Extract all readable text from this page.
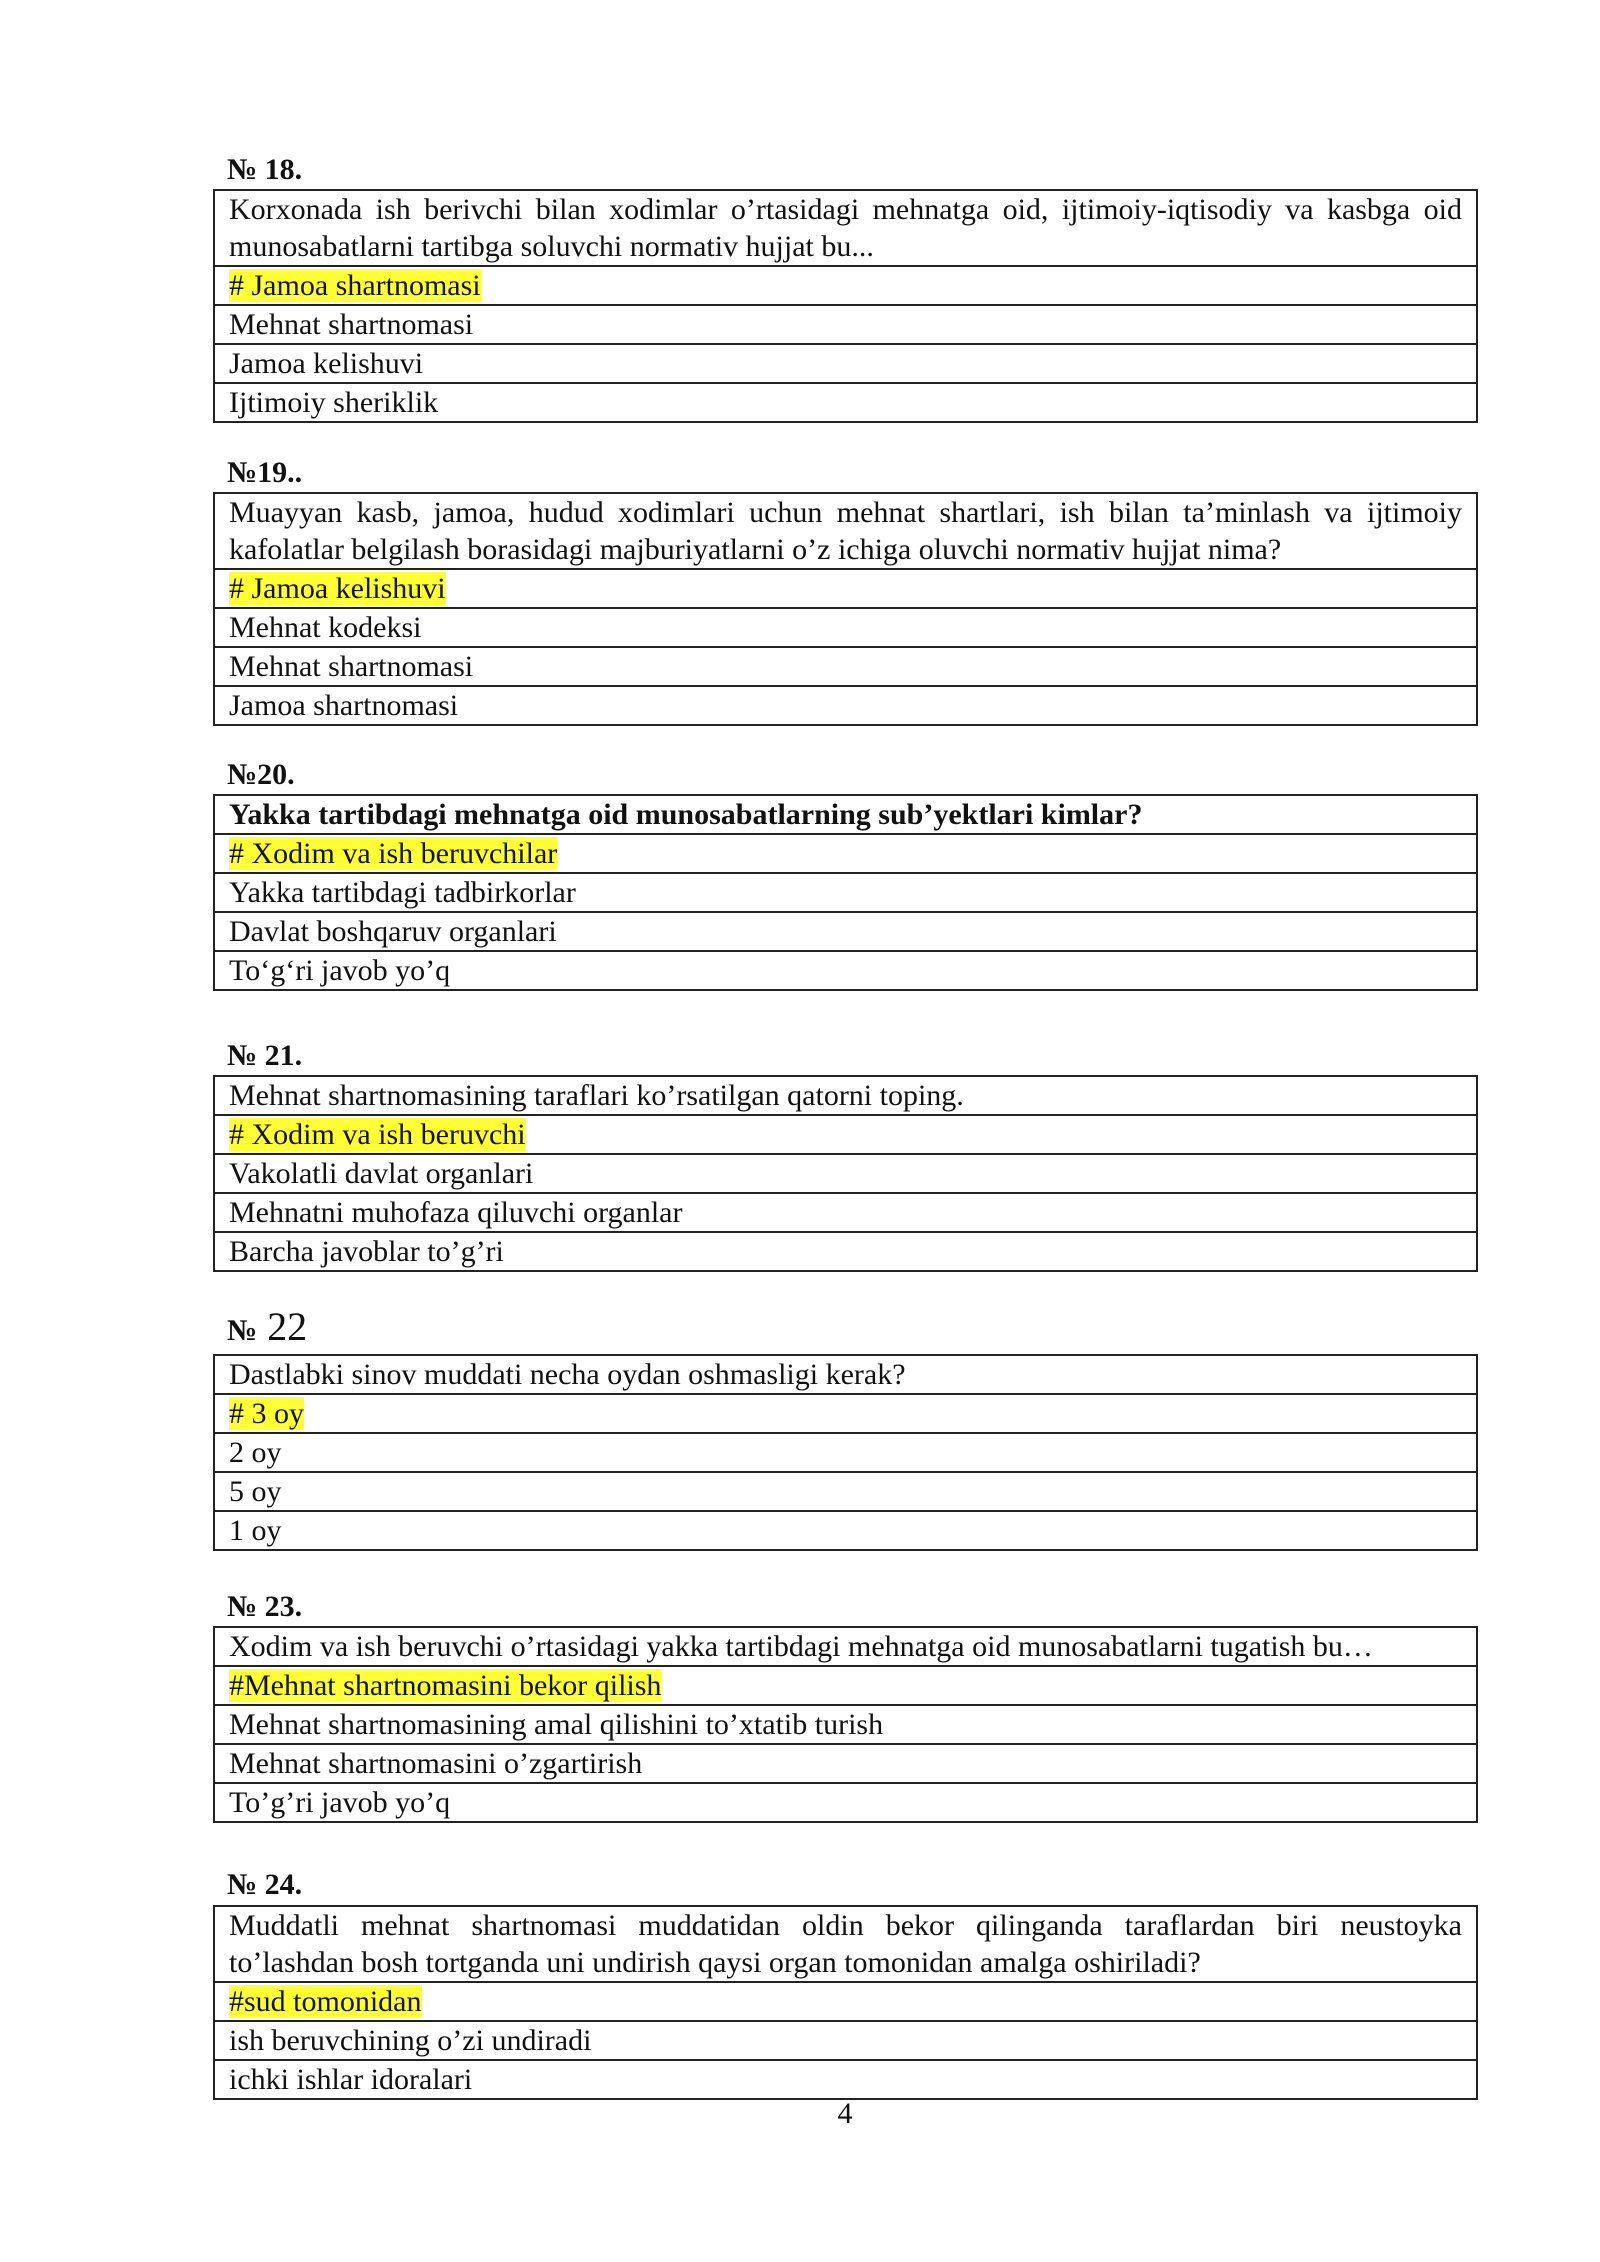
№ 18.
Korxonada ish berivchi bilan xodimlar o’rtasidagi mehnatga oid, ijtimoiy-iqtisodiy va kasbga oid munosabatlarni tartibga soluvchi normativ hujjat bu...
# Jamoa shartnomasi
Mehnat shartnomasi
Jamoa kelishuvi
Ijtimoiy sheriklik
№19..
Muayyan kasb, jamoa, hudud xodimlari uchun mehnat shartlari, ish bilan ta’minlash va ijtimoiy kafolatlar belgilash borasidagi majburiyatlarni o’z ichiga oluvchi normativ hujjat nima?
# Jamoa kelishuvi
Mehnat kodeksi
Mehnat shartnomasi
Jamoa shartnomasi
№20.
Yakka tartibdagi mehnatga oid munosabatlarning sub’yektlari kimlar?
# Xodim va ish beruvchilar
Yakka tartibdagi tadbirkorlar
Davlat boshqaruv organlari
To‘g‘ri javob yo’q
№ 21.
Mehnat shartnomasining taraflari ko’rsatilgan qatorni toping.
# Xodim va ish beruvchi
Vakolatli davlat organlari
Mehnatni muhofaza qiluvchi organlar
Barcha javoblar to’g’ri
№ 22
Dastlabki sinov muddati necha oydan oshmasligi kerak?
# 3 oy
2 oy
5 oy
1 oy
№ 23.
Xodim va ish beruvchi o’rtasidagi yakka tartibdagi mehnatga oid munosabatlarni tugatish bu…
#Mehnat shartnomasini bekor qilish
Mehnat shartnomasining amal qilishini to’xtatib turish
Mehnat shartnomasini o’zgartirish
To’g’ri javob yo’q
№ 24.
Muddatli mehnat shartnomasi muddatidan oldin bekor qilinganda taraflardan biri neustoyka to’lashdan bosh tortganda uni undirish qaysi organ tomonidan amalga oshiriladi?
#sud tomonidan
ish beruvchining o’zi undiradi
ichki ishlar idoralari
4
